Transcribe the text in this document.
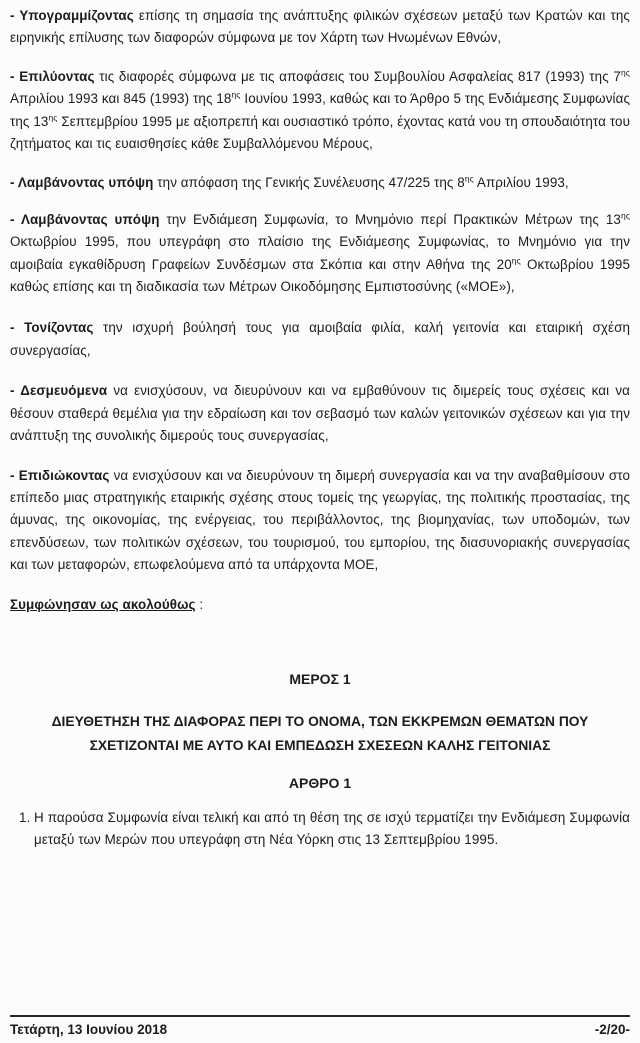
- Υπογραμμίζοντας επίσης τη σημασία της ανάπτυξης φιλικών σχέσεων μεταξύ των Κρατών και της ειρηνικής επίλυσης των διαφορών σύμφωνα με τον Χάρτη των Ηνωμένων Εθνών,

- Επιλύοντας τις διαφορές σύμφωνα με τις αποφάσεις του Συμβουλίου Ασφαλείας 817 (1993) της $7^{\eta\varsigma}$ Απριλίου 1993 και 845 (1993) της $18^{\eta\varsigma}$ Ιουνίου 1993, καθώς και το Άρθρο 5 της Ενδιάμεσης Συμφωνίας της $13^{\eta\varsigma}$ Σεπτεμβρίου 1995 με αξιοπρεπή και ουσιαστικό τρόπο, έχοντας κατά νου τη σπουδαιότητα του ζητήματος και τις ευαισθησίες κάθε Συμβαλλόμενου Μέρους,

- Λαμβάνοντας υπόψη την απόφαση της Γενικής Συνέλευσης 47/225 της $8^{\eta\varsigma}$ Απριλίου 1993,

- Λαμβάνοντας υπόψη την Ενδιάμεση Συμφωνία, το Μνημόνιο περί Πρακτικών Μέτρων της $13^{\eta\varsigma}$ Οκτωβρίου 1995, που υπεγράφη στο πλαίσιο της Ενδιάμεσης Συμφωνίας, το Μνημόνιο για την αμοιβαία εγκαθίδρυση Γραφείων Συνδέσμων στα Σκόπια και στην Αθήνα της $20^{\eta\varsigma}$ Οκτωβρίου 1995 καθώς επίσης και τη διαδικασία των Μέτρων Οικοδόμησης Εμπιστοσύνης («ΜΟΕ»),

- Τονίζοντας την ισχυρή βούλησή τους για αμοιβαία φιλία, καλή γειτονία και εταιρική σχέση συνεργασίας,

- Δεσμευόμενα να ενισχύσουν, να διευρύνουν και να εμβαθύνουν τις διμερείς τους σχέσεις και να θέσουν σταθερά θεμέλια για την εδραίωση και τον σεβασμό των καλών γειτονικών σχέσεων και για την ανάπτυξη της συνολικής διμερούς τους συνεργασίας,

- Επιδιώκοντας να ενισχύσουν και να διευρύνουν τη διμερή συνεργασία και να την αναβαθμίσουν στο επίπεδο μιας στρατηγικής εταιρικής σχέσης στους τομείς της γεωργίας, της πολιτικής προστασίας, της άμυνας, της οικονομίας, της ενέργειας, του περιβάλλοντος, της βιομηχανίας, των υποδομών, των επενδύσεων, των πολιτικών σχέσεων, του τουρισμού, του εμπορίου, της διασυνοριακής συνεργασίας και των μεταφορών, επωφελούμενα από τα υπάρχοντα ΜΟΕ,

Συμφώνησαν ως ακολούθως :

ΜΕΡΟΣ 1
ΔΙΕΥΘΕΤΗΣΗ ΤΗΣ ΔΙΑΦΟΡΑΣ ΠΕΡΙ ΤΟ ΟΝΟΜΑ, ΤΩΝ ΕΚΚΡΕΜΩΝ ΘΕΜΑΤΩΝ ΠΟΥ ΣΧΕΤΙΖΟΝΤΑΙ ΜΕ ΑΥΤΟ ΚΑΙ ΕΜΠΕΔΩΣΗ ΣΧΕΣΕΩΝ ΚΑΛΗΣ ΓΕΙΤΟΝΙΑΣ
ΑΡΘΡΟ 1
1. Η παρούσα Συμφωνία είναι τελική και από τη θέση της σε ισχύ τερματίζει την Ενδιάμεση Συμφωνία μεταξύ των Μερών που υπεγράφη στη Νέα Υόρκη στις 13 Σεπτεμβρίου 1995.
Τετάρτη, 13 Ιουνίου 2018	-2/20-
